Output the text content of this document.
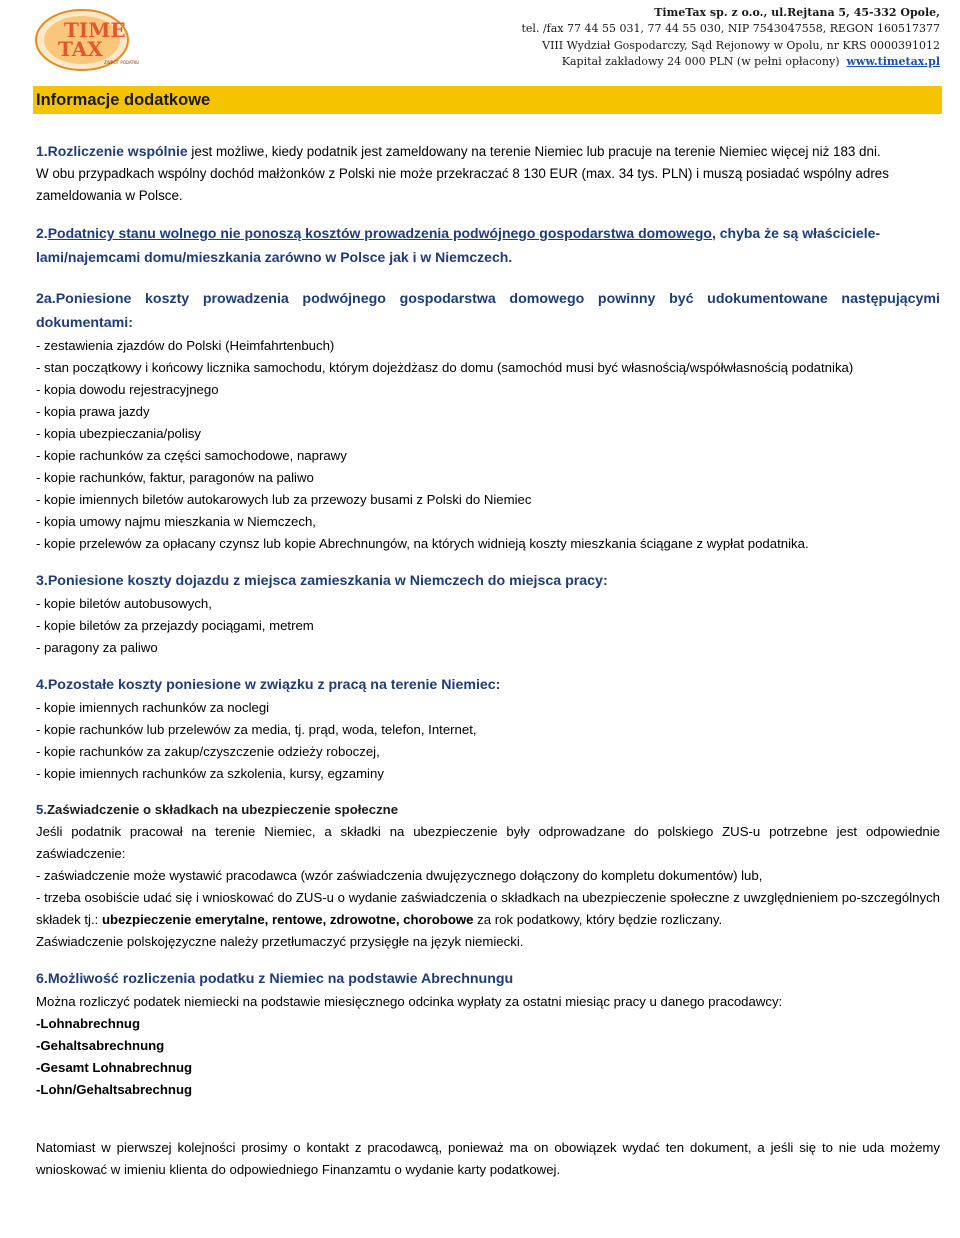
TIME
TAX
ZWROT PODATKU
TimeTax sp. z o.o., ul.Rejtana 5, 45-332 Opole,
tel. /fax 77 44 55 031, 77 44 55 030, NIP 7543047558, REGON 160517377
VIII Wydział Gospodarczy, Sąd Rejonowy w Opolu, nr KRS 0000391012
Kapitał zakładowy 24 000 PLN (w pełni opłacony) www.timetax.pl
Informacje dodatkowe

1.Rozliczenie wspólnie jest możliwe, kiedy podatnik jest zameldowany na terenie Niemiec lub pracuje na terenie Niemiec więcej niż 183 dni.
W obu przypadkach wspólny dochód małżonków z Polski nie może przekraczać 8 130 EUR (max. 34 tys. PLN) i muszą posiadać wspólny adres zameldowania w Polsce.

2.Podatnicy stanu wolnego nie ponoszą kosztów prowadzenia podwójnego gospodarstwa domowego, chyba że są właściciele-lami/najemcami domu/mieszkania zarówno w Polsce jak i w Niemczech.

2a.Poniesione koszty prowadzenia podwójnego gospodarstwa domowego powinny być udokumentowane następującymi dokumentami:

- zestawienia zjazdów do Polski (Heimfahrtenbuch)

- stan początkowy i końcowy licznika samochodu, którym dojeżdżasz do domu (samochód musi być własnością/współwłasnością podatnika)

- kopia dowodu rejestracyjnego

- kopia prawa jazdy

- kopia ubezpieczania/polisy

- kopie rachunków za części samochodowe, naprawy

- kopie rachunków, faktur, paragonów na paliwo

- kopie imiennych biletów autokarowych lub za przewozy busami z Polski do Niemiec

- kopia umowy najmu mieszkania w Niemczech,

- kopie przelewów za opłacany czynsz lub kopie Abrechnungów, na których widnieją koszty mieszkania ściągane z wypłat podatnika.

3.Poniesione koszty dojazdu z miejsca zamieszkania w Niemczech do miejsca pracy:

- kopie biletów autobusowych,

- kopie biletów za przejazdy pociągami, metrem

- paragony za paliwo

4.Pozostałe koszty poniesione w związku z pracą na terenie Niemiec:

- kopie imiennych rachunków za noclegi

- kopie rachunków lub przelewów za media, tj. prąd, woda, telefon, Internet,

- kopie rachunków za zakup/czyszczenie odzieży roboczej,

- kopie imiennych rachunków za szkolenia, kursy, egzaminy

5.Zaświadczenie o składkach na ubezpieczenie społeczne

Jeśli podatnik pracował na terenie Niemiec, a składki na ubezpieczenie były odprowadzane do polskiego ZUS-u potrzebne jest odpowiednie zaświadczenie:

- zaświadczenie może wystawić pracodawca (wzór zaświadczenia dwujęzycznego dołączony do kompletu dokumentów) lub,

- trzeba osobiście udać się i wnioskować do ZUS-u o wydanie zaświadczenia o składkach na ubezpieczenie społeczne z uwzględnieniem po-szczególnych składek tj.: ubezpieczenie emerytalne, rentowe, zdrowotne, chorobowe za rok podatkowy, który będzie rozliczany.

Zaświadczenie polskojęzyczne należy przetłumaczyć przysięgłe na język niemiecki.

6.Możliwość rozliczenia podatku z Niemiec na podstawie Abrechnungu

Można rozliczyć podatek niemiecki na podstawie miesięcznego odcinka wypłaty za ostatni miesiąc pracy u danego pracodawcy:

-Lohnabrechnug

-Gehaltsabrechnung

-Gesamt Lohnabrechnug

-Lohn/Gehaltsabrechnug

Natomiast w pierwszej kolejności prosimy o kontakt z pracodawcą, ponieważ ma on obowiązek wydać ten dokument, a jeśli się to nie uda możemy wnioskować w imieniu klienta do odpowiedniego Finanzamtu o wydanie karty podatkowej.
